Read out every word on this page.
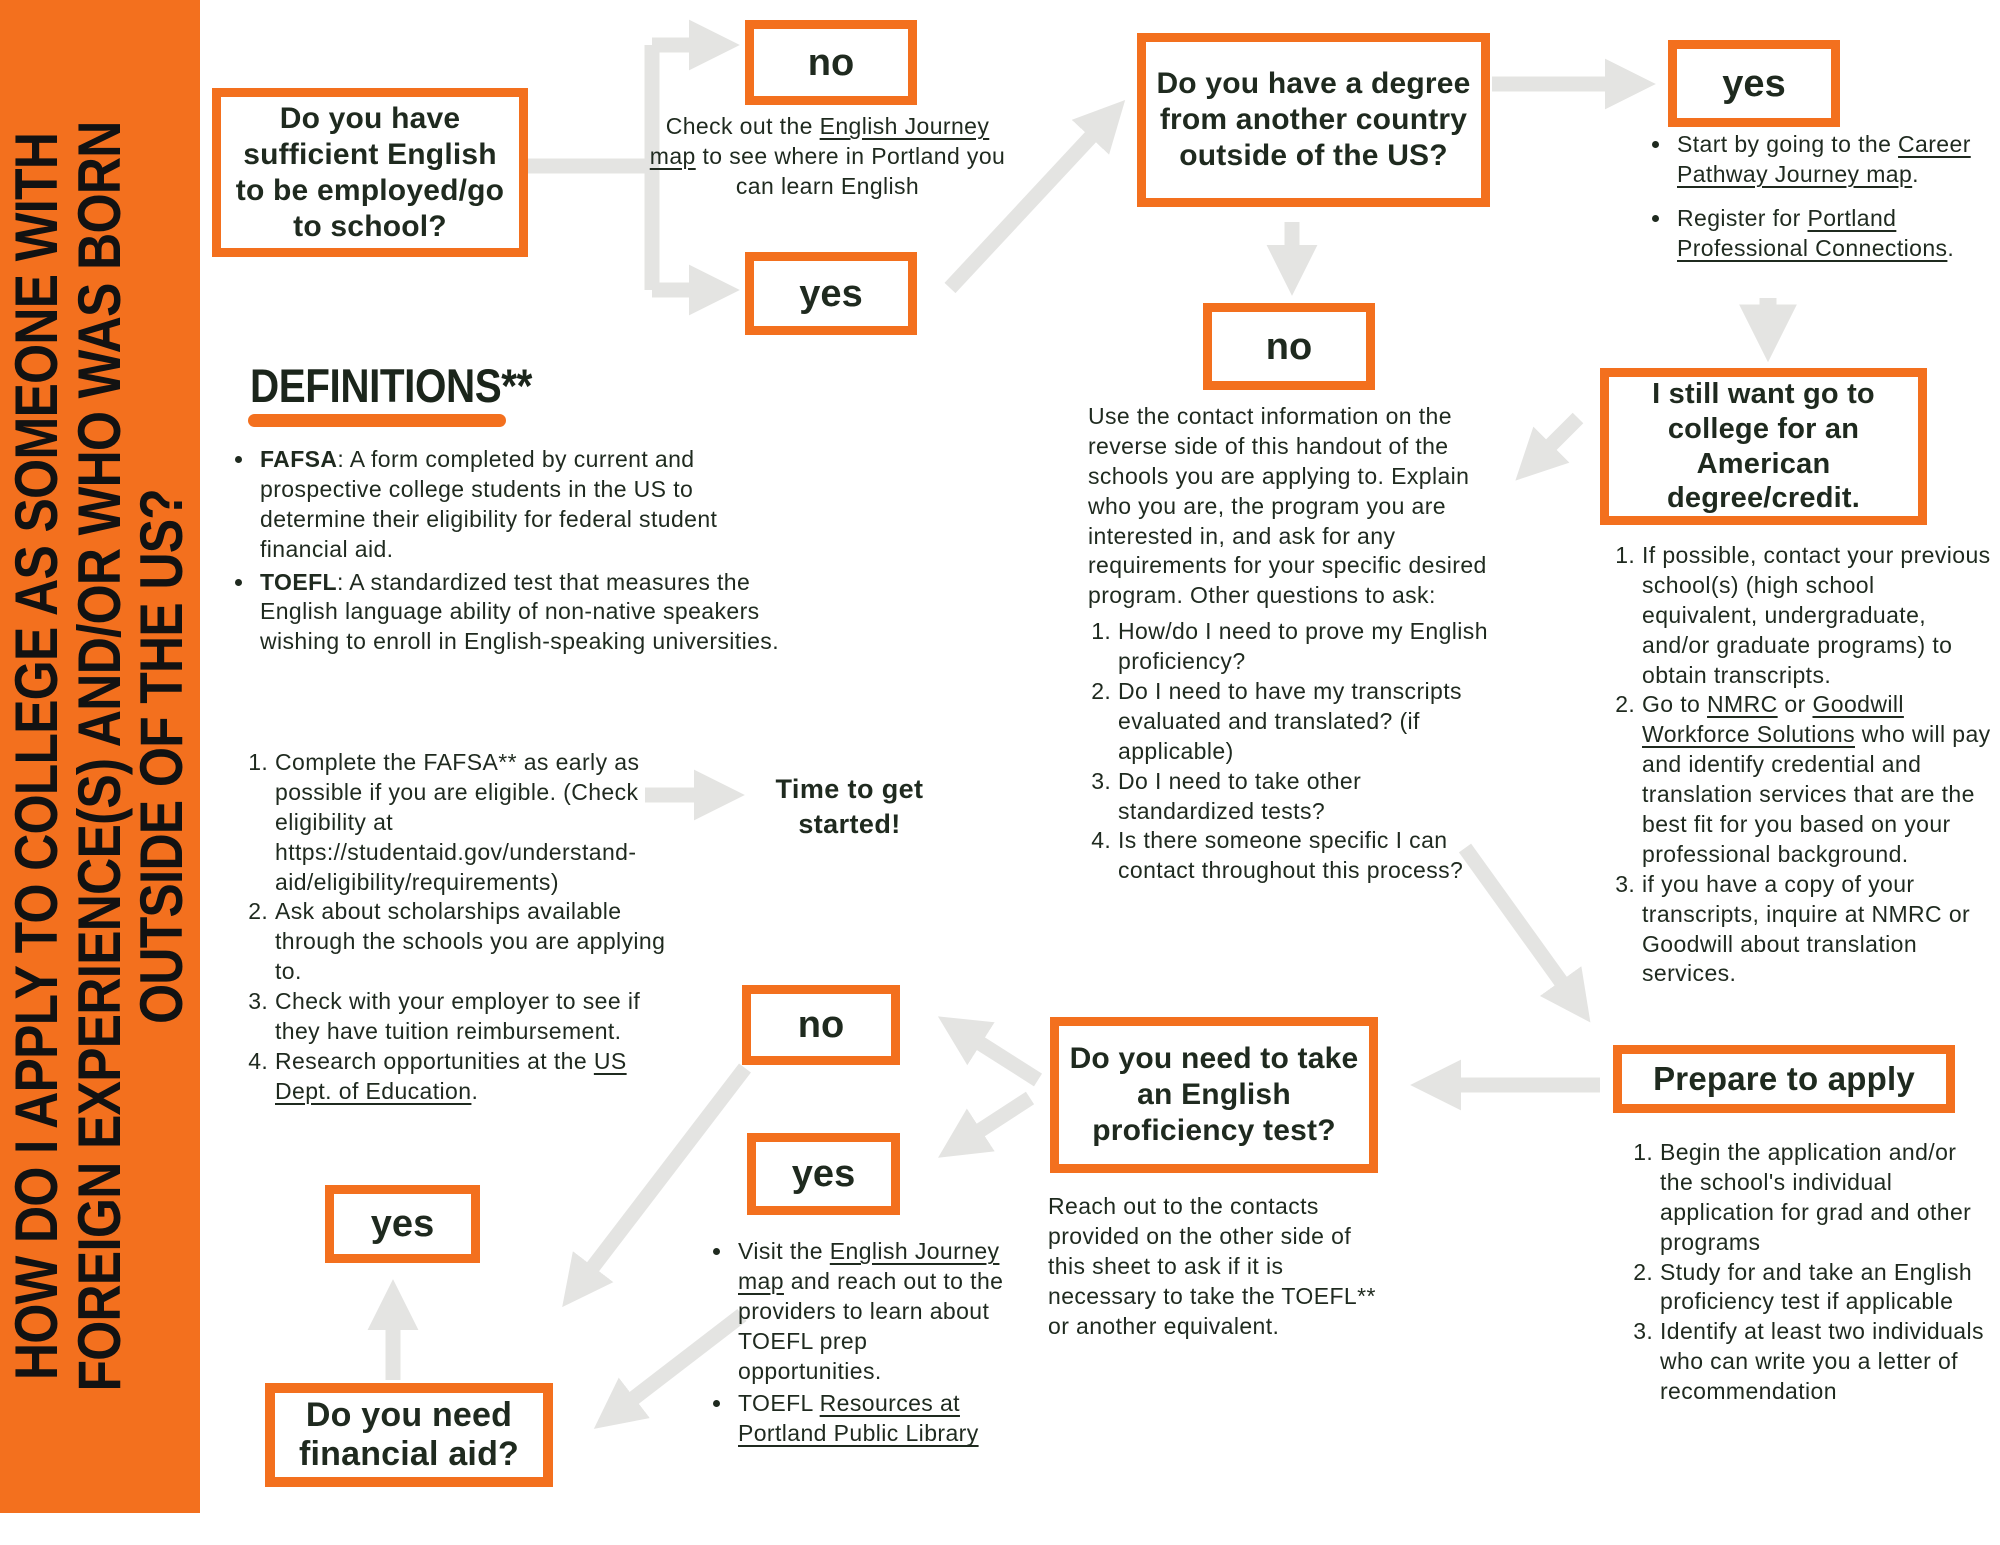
HOW DO I APPLY TO COLLEGE AS SOMEONE WITH FOREIGN EXPERIENCE(S) AND/OR WHO WAS BORN OUTSIDE OF THE US?
Do you have sufficient English to be employed/go to school?
no

Check out the English Journey map to see where in Portland you can learn English

yes
Do you have a degree from another country outside of the US?
yes
• Start by going to the Career Pathway Journey map.
• Register for Portland Professional Connections.
no

Use the contact information on the reverse side of this handout of the schools you are applying to. Explain who you are, the program you are interested in, and ask for any requirements for your specific desired program. Other questions to ask:

1. How/do I need to prove my English proficiency?
2. Do I need to have my transcripts evaluated and translated? (if applicable)
3. Do I need to take other standardized tests?
4. Is there someone specific I can contact throughout this process?
I still want go to college for an American degree/credit.
1. If possible, contact your previous school(s) (high school equivalent, undergraduate, and/or graduate programs) to obtain transcripts.
2. Go to NMRC or Goodwill Workforce Solutions who will pay and identify credential and translation services that are the best fit for you based on your professional background.
3. if you have a copy of your transcripts, inquire at NMRC or Goodwill about translation services.
Prepare to apply
1. Begin the application and/or the school's individual application for grad and other programs
2. Study for and take an English proficiency test if applicable
3. Identify at least two individuals who can write you a letter of recommendation
Do you need to take an English proficiency test?

Reach out to the contacts provided on the other side of this sheet to ask if it is necessary to take the TOEFL** or another equivalent.

no
yes
• Visit the English Journey map and reach out to the providers to learn about TOEFL prep opportunities.
• TOEFL Resources at Portland Public Library
yes
Do you need financial aid?
1. Complete the FAFSA** as early as possible if you are eligible. (Check eligibility at https://studentaid.gov/understand-aid/eligibility/requirements)
2. Ask about scholarships available through the schools you are applying to.
3. Check with your employer to see if they have tuition reimbursement.
4. Research opportunities at the US Dept. of Education.

Time to get started!

DEFINITIONS**
• FAFSA: A form completed by current and prospective college students in the US to determine their eligibility for federal student financial aid.
• TOEFL: A standardized test that measures the English language ability of non-native speakers wishing to enroll in English-speaking universities.
